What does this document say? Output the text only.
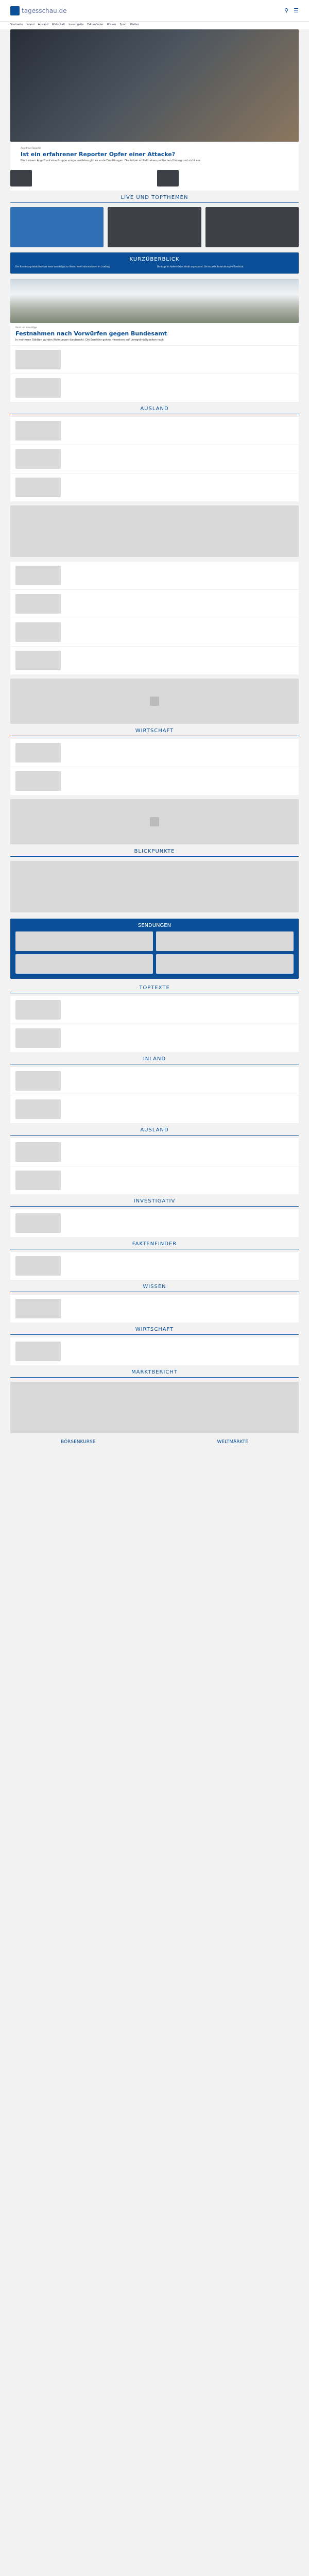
tagesschau.de	⚲ ☰
Startseite Inland Ausland Wirtschaft Investigativ Faktenfinder Wissen Sport Wetter
Angriff auf Reporter
Ist ein erfahrener Reporter Opfer einer Attacke?

Nach einem Angriff auf eine Gruppe von Journalisten gibt es erste Ermittlungen. Die Polizei schließt einen politischen Hintergrund nicht aus.

LIVE UND TOPTHEMEN
KURZÜBERBLICK
Der Bundestag debattiert über neue Vorschläge zur Rente. Mehr Informationen im Liveblog.	Die Lage im Nahen Osten bleibt angespannt. Die aktuelle Entwicklung im Überblick.
Streit um Vorschläge
Festnahmen nach Vorwürfen gegen Bundesamt

In mehreren Städten wurden Wohnungen durchsucht. Die Ermittler gehen Hinweisen auf Unregelmäßigkeiten nach.

AUSLAND
WIRTSCHAFT
BLICKPUNKTE
SENDUNGEN
TOPTEXTE
INLAND
AUSLAND
INVESTIGATIV
FAKTENFINDER
WISSEN
WIRTSCHAFT
MARKTBERICHT
BÖRSENKURSE	WELTMÄRKTE
